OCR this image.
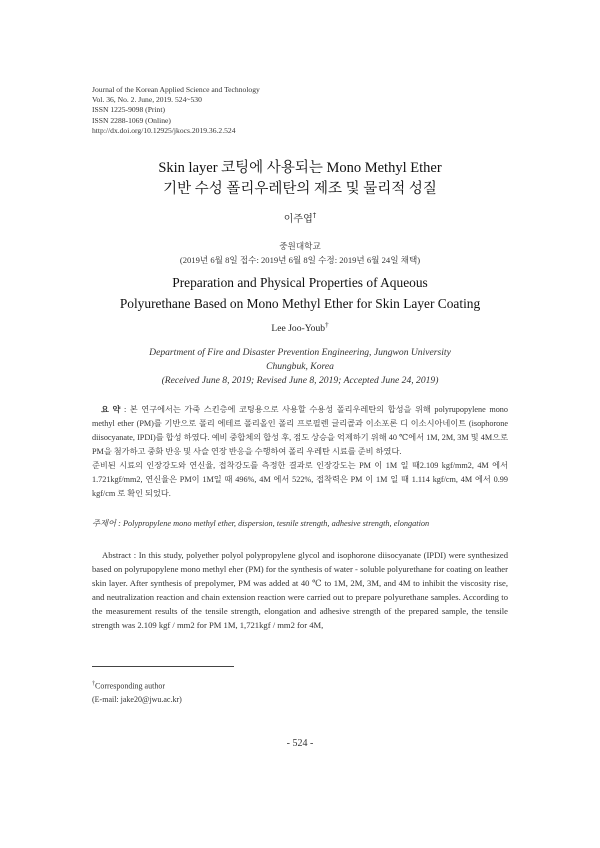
Journal of the Korean Applied Science and Technology
Vol. 36, No. 2. June, 2019. 524~530
ISSN 1225-9098 (Print)
ISSN 2288-1069 (Online)
http://dx.doi.org/10.12925/jkocs.2019.36.2.524
Skin layer 코팅에 사용되는 Mono Methyl Ether
기반 수성 폴리우레탄의 제조 및 물리적 성질
이주엽†
중원대학교
(2019년 6월 8일 접수: 2019년 6월 8일 수정: 2019년 6월 24일 채택)
Preparation and Physical Properties of Aqueous
Polyurethane Based on Mono Methyl Ether for Skin Layer Coating
Lee Joo-Youb†
Department of Fire and Disaster Prevention Engineering, Jungwon University
Chungbuk, Korea
(Received June 8, 2019; Revised June 8, 2019; Accepted June 24, 2019)

요 약 : 본 연구에서는 가죽 스킨층에 코팅용으로 사용할 수용성 폴리우레탄의 합성을 위해 polyrupopylene mono methyl ether (PM)를 기반으로 폴리 에테르 폴리올인 폴리 프로필렌 글리콜과 이소포론 디 이소시아네이트 (isophorone diisocyanate, IPDI)를 합성 하였다. 예비 중합체의 합성 후, 점도 상승을 억제하기 위해 40 ℃에서 1M, 2M, 3M 및 4M으로 PM을 첨가하고 중화 반응 및 사슬 연장 반응을 수행하여 폴리 우레탄 시료를 준비 하였다.

준비된 시료의 인장강도와 연신율, 접착강도를 측정한 결과로 인장강도는 PM 이 1M 일 때2.109 kgf/mm2, 4M 에서 1.721kgf/mm2, 연신율은 PM이 1M일 때 496%, 4M 에서 522%, 접착력은 PM 이 1M 일 때 1.114 kgf/cm, 4M 에서 0.99 kgf/cm 로 확인 되었다.

주제어 : Polypropylene mono methyl ether, dispersion, tesnile strength, adhesive strength, elongation
Abstract : In this study, polyether polyol polypropylene glycol and isophorone diisocyanate (IPDI) were synthesized based on polyrupopylene mono methyl eher (PM) for the synthesis of water - soluble polyurethane for coating on leather skin layer. After synthesis of prepolymer, PM was added at 40 ℃ to 1M, 2M, 3M, and 4M to inhibit the viscosity rise, and neutralization reaction and chain extension reaction were carried out to prepare polyurethane samples. According to the measurement results of the tensile strength, elongation and adhesive strength of the prepared sample, the tensile strength was 2.109 kgf / mm2 for PM 1M, 1,721kgf / mm2 for 4M,
†Corresponding author
(E-mail: jake20@jwu.ac.kr)
- 524 -
